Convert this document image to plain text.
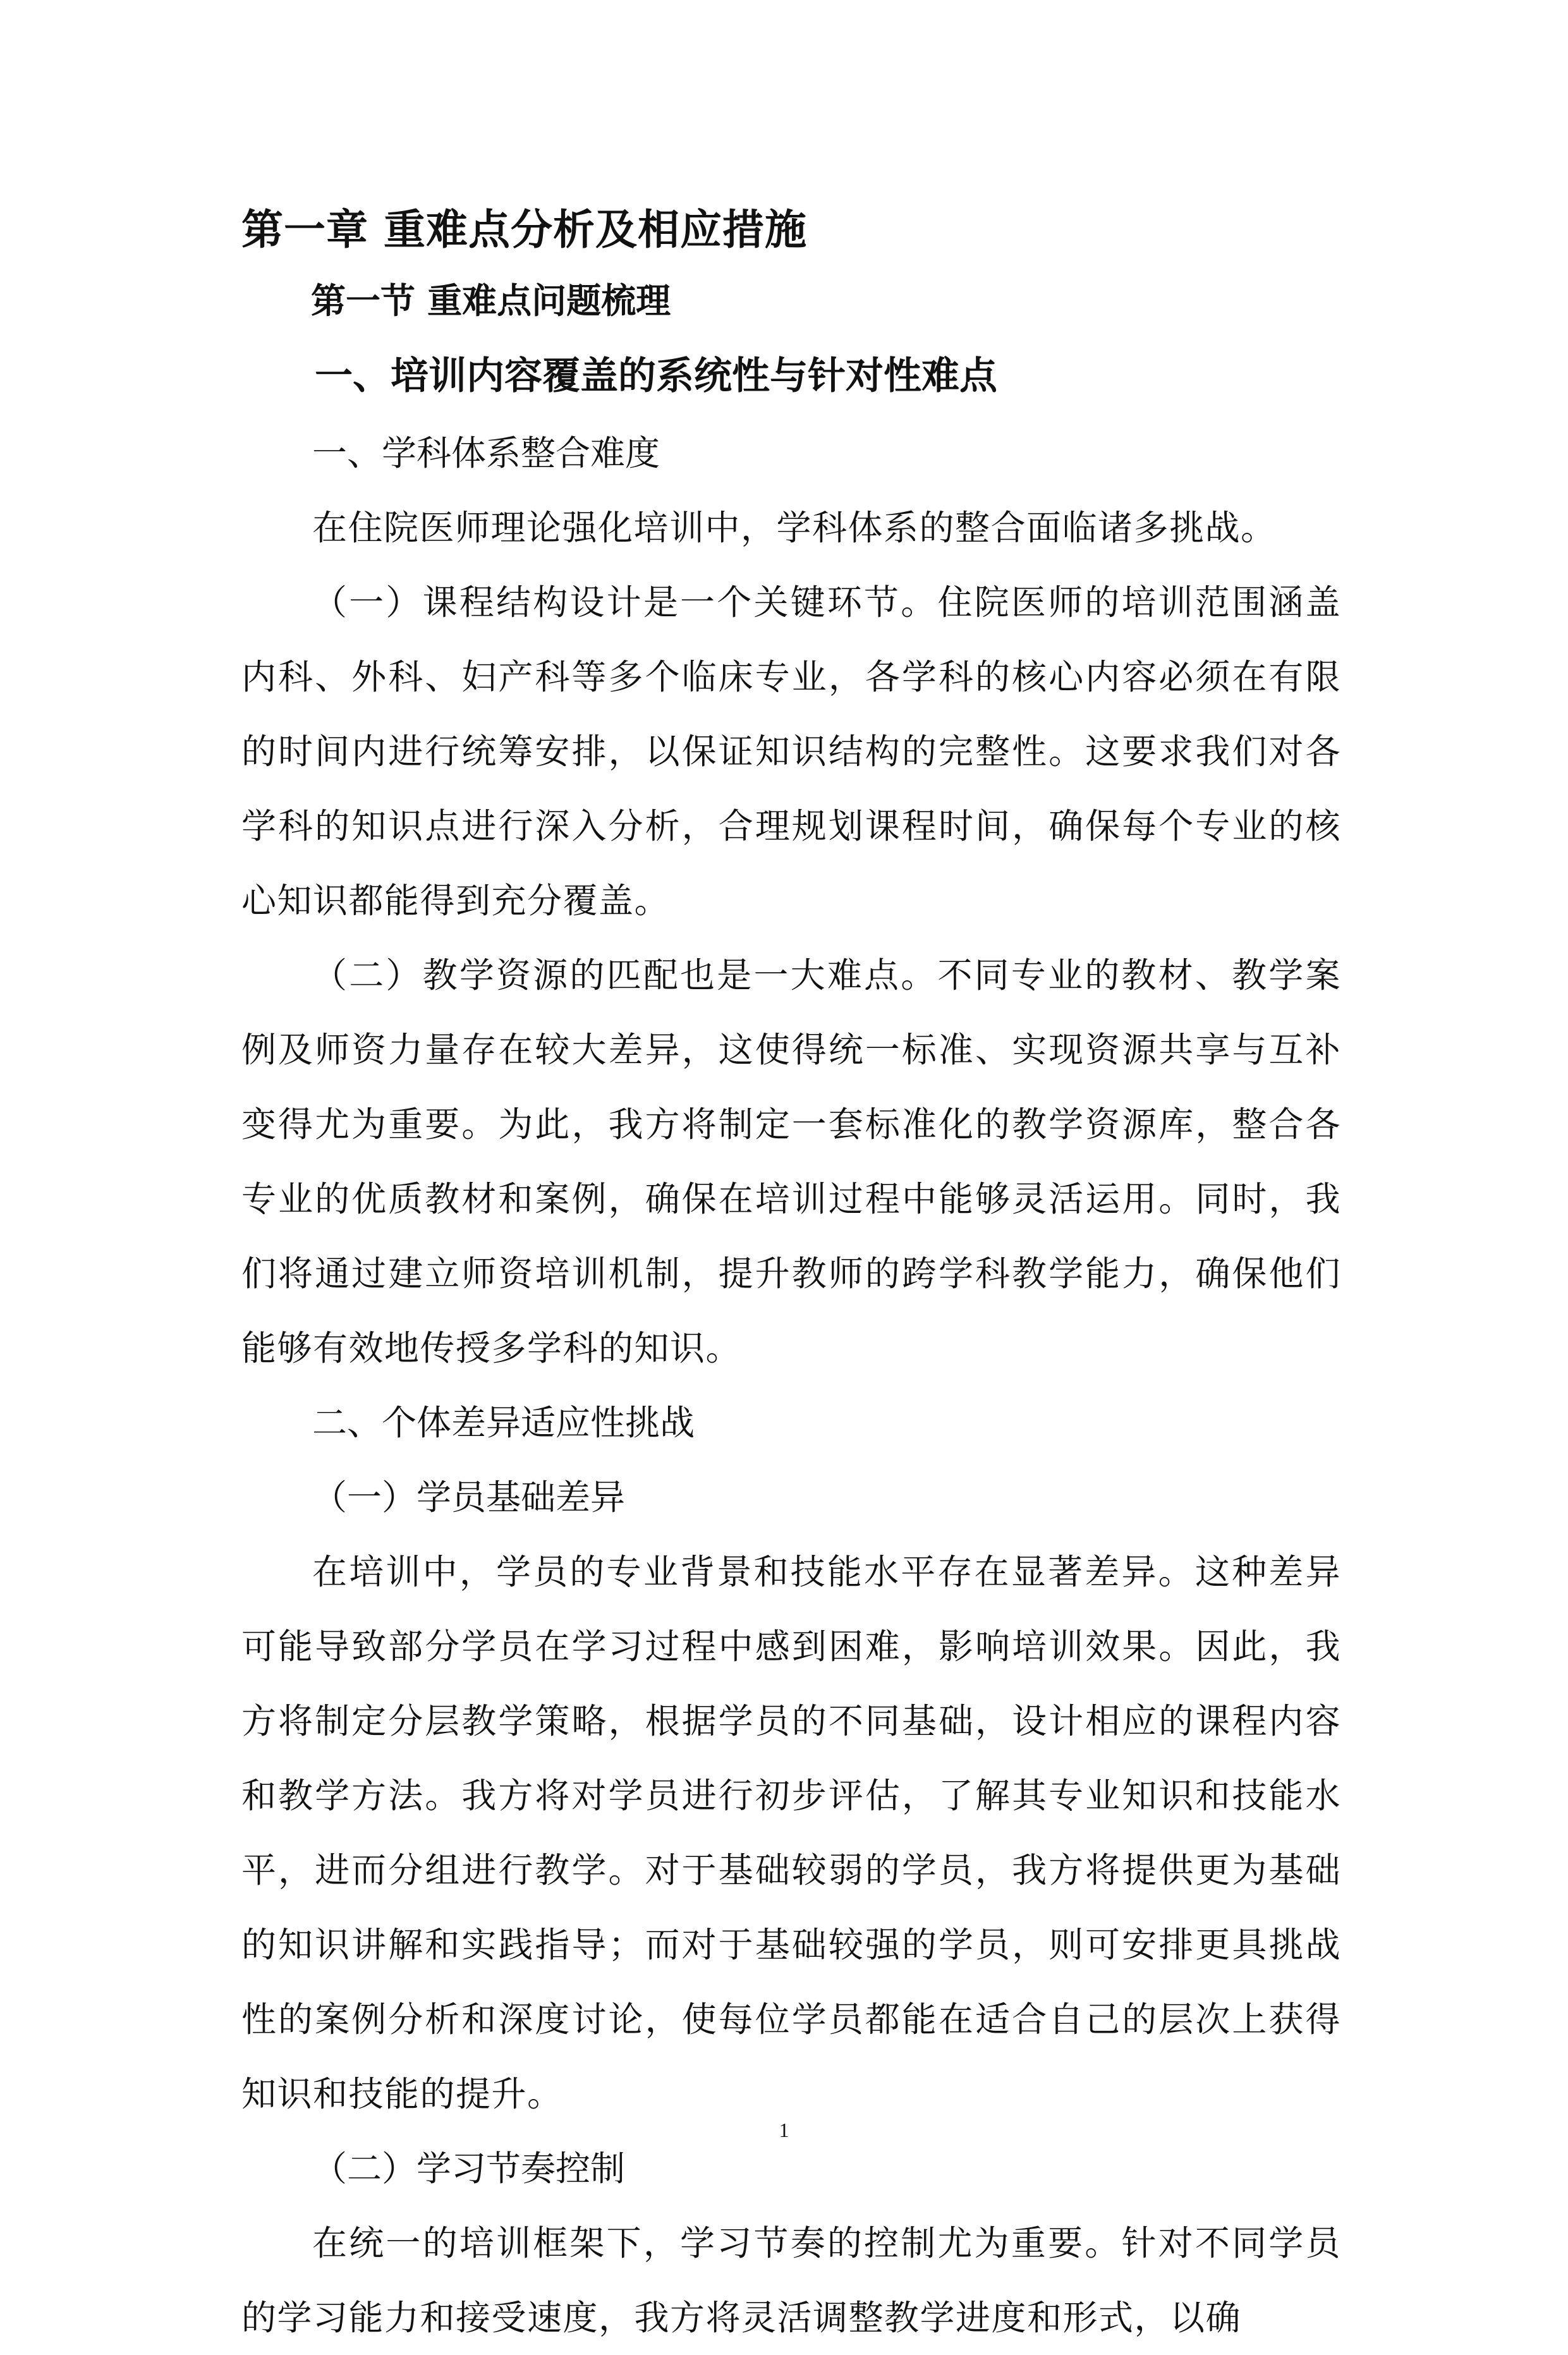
第一章 重难点分析及相应措施
第一节 重难点问题梳理
一、培训内容覆盖的系统性与针对性难点

一、学科体系整合难度

在住院医师理论强化培训中，学科体系的整合面临诸多挑战。

（一）课程结构设计是一个关键环节。住院医师的培训范围涵盖内科、外科、妇产科等多个临床专业，各学科的核心内容必须在有限的时间内进行统筹安排，以保证知识结构的完整性。这要求我们对各学科的知识点进行深入分析，合理规划课程时间，确保每个专业的核心知识都能得到充分覆盖。

（二）教学资源的匹配也是一大难点。不同专业的教材、教学案例及师资力量存在较大差异，这使得统一标准、实现资源共享与互补变得尤为重要。为此，我方将制定一套标准化的教学资源库，整合各专业的优质教材和案例，确保在培训过程中能够灵活运用。同时，我们将通过建立师资培训机制，提升教师的跨学科教学能力，确保他们能够有效地传授多学科的知识。

二、个体差异适应性挑战

（一）学员基础差异

在培训中，学员的专业背景和技能水平存在显著差异。这种差异可能导致部分学员在学习过程中感到困难，影响培训效果。因此，我方将制定分层教学策略，根据学员的不同基础，设计相应的课程内容和教学方法。我方将对学员进行初步评估，了解其专业知识和技能水平，进而分组进行教学。对于基础较弱的学员，我方将提供更为基础的知识讲解和实践指导；而对于基础较强的学员，则可安排更具挑战性的案例分析和深度讨论，使每位学员都能在适合自己的层次上获得知识和技能的提升。

（二）学习节奏控制

在统一的培训框架下，学习节奏的控制尤为重要。针对不同学员的学习能力和接受速度，我方将灵活调整教学进度和形式，以确

1
